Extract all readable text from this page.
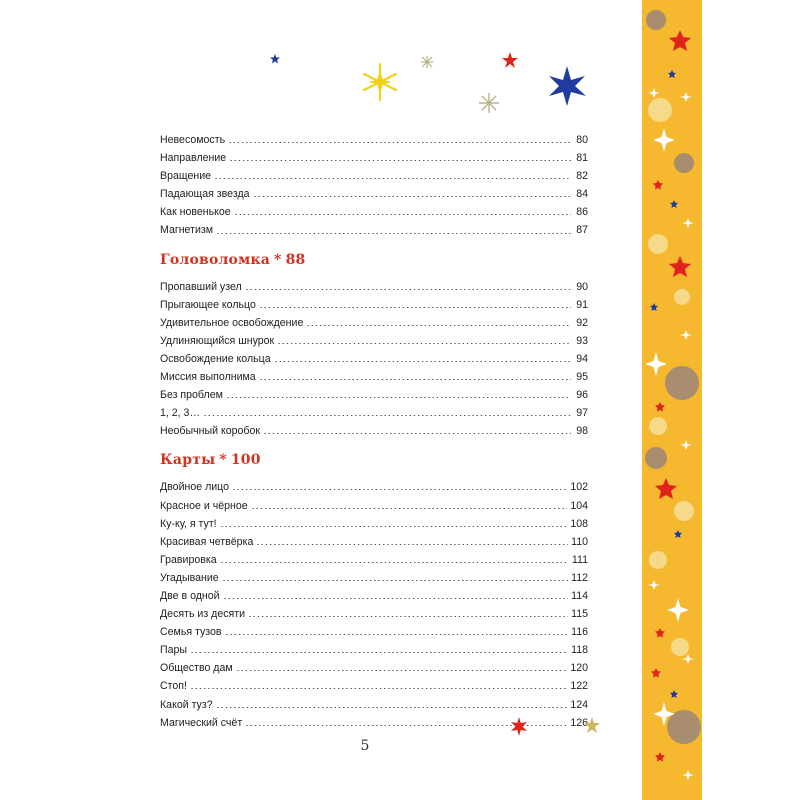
Невесомость	80
Направление	81
Вращение	82
Падающая звезда	84
Как новенькое	86
Магнетизм	87
Головоломка * 88
Пропавший узел	90
Прыгающее кольцо	91
Удивительное освобождение	92
Удлиняющийся шнурок	93
Освобождение кольца	94
Миссия выполнима	95
Без проблем	96
1, 2, 3…	97
Необычный коробок	98
Карты * 100
Двойное лицо	102
Красное и чёрное	104
Ку-ку, я тут!	108
Красивая четвёрка	110
Гравировка	111
Угадывание	112
Две в одной	114
Десять из десяти	115
Семья тузов	116
Пары	118
Общество дам	120
Стоп!	122
Какой туз?	124
Магический счёт	126
5
